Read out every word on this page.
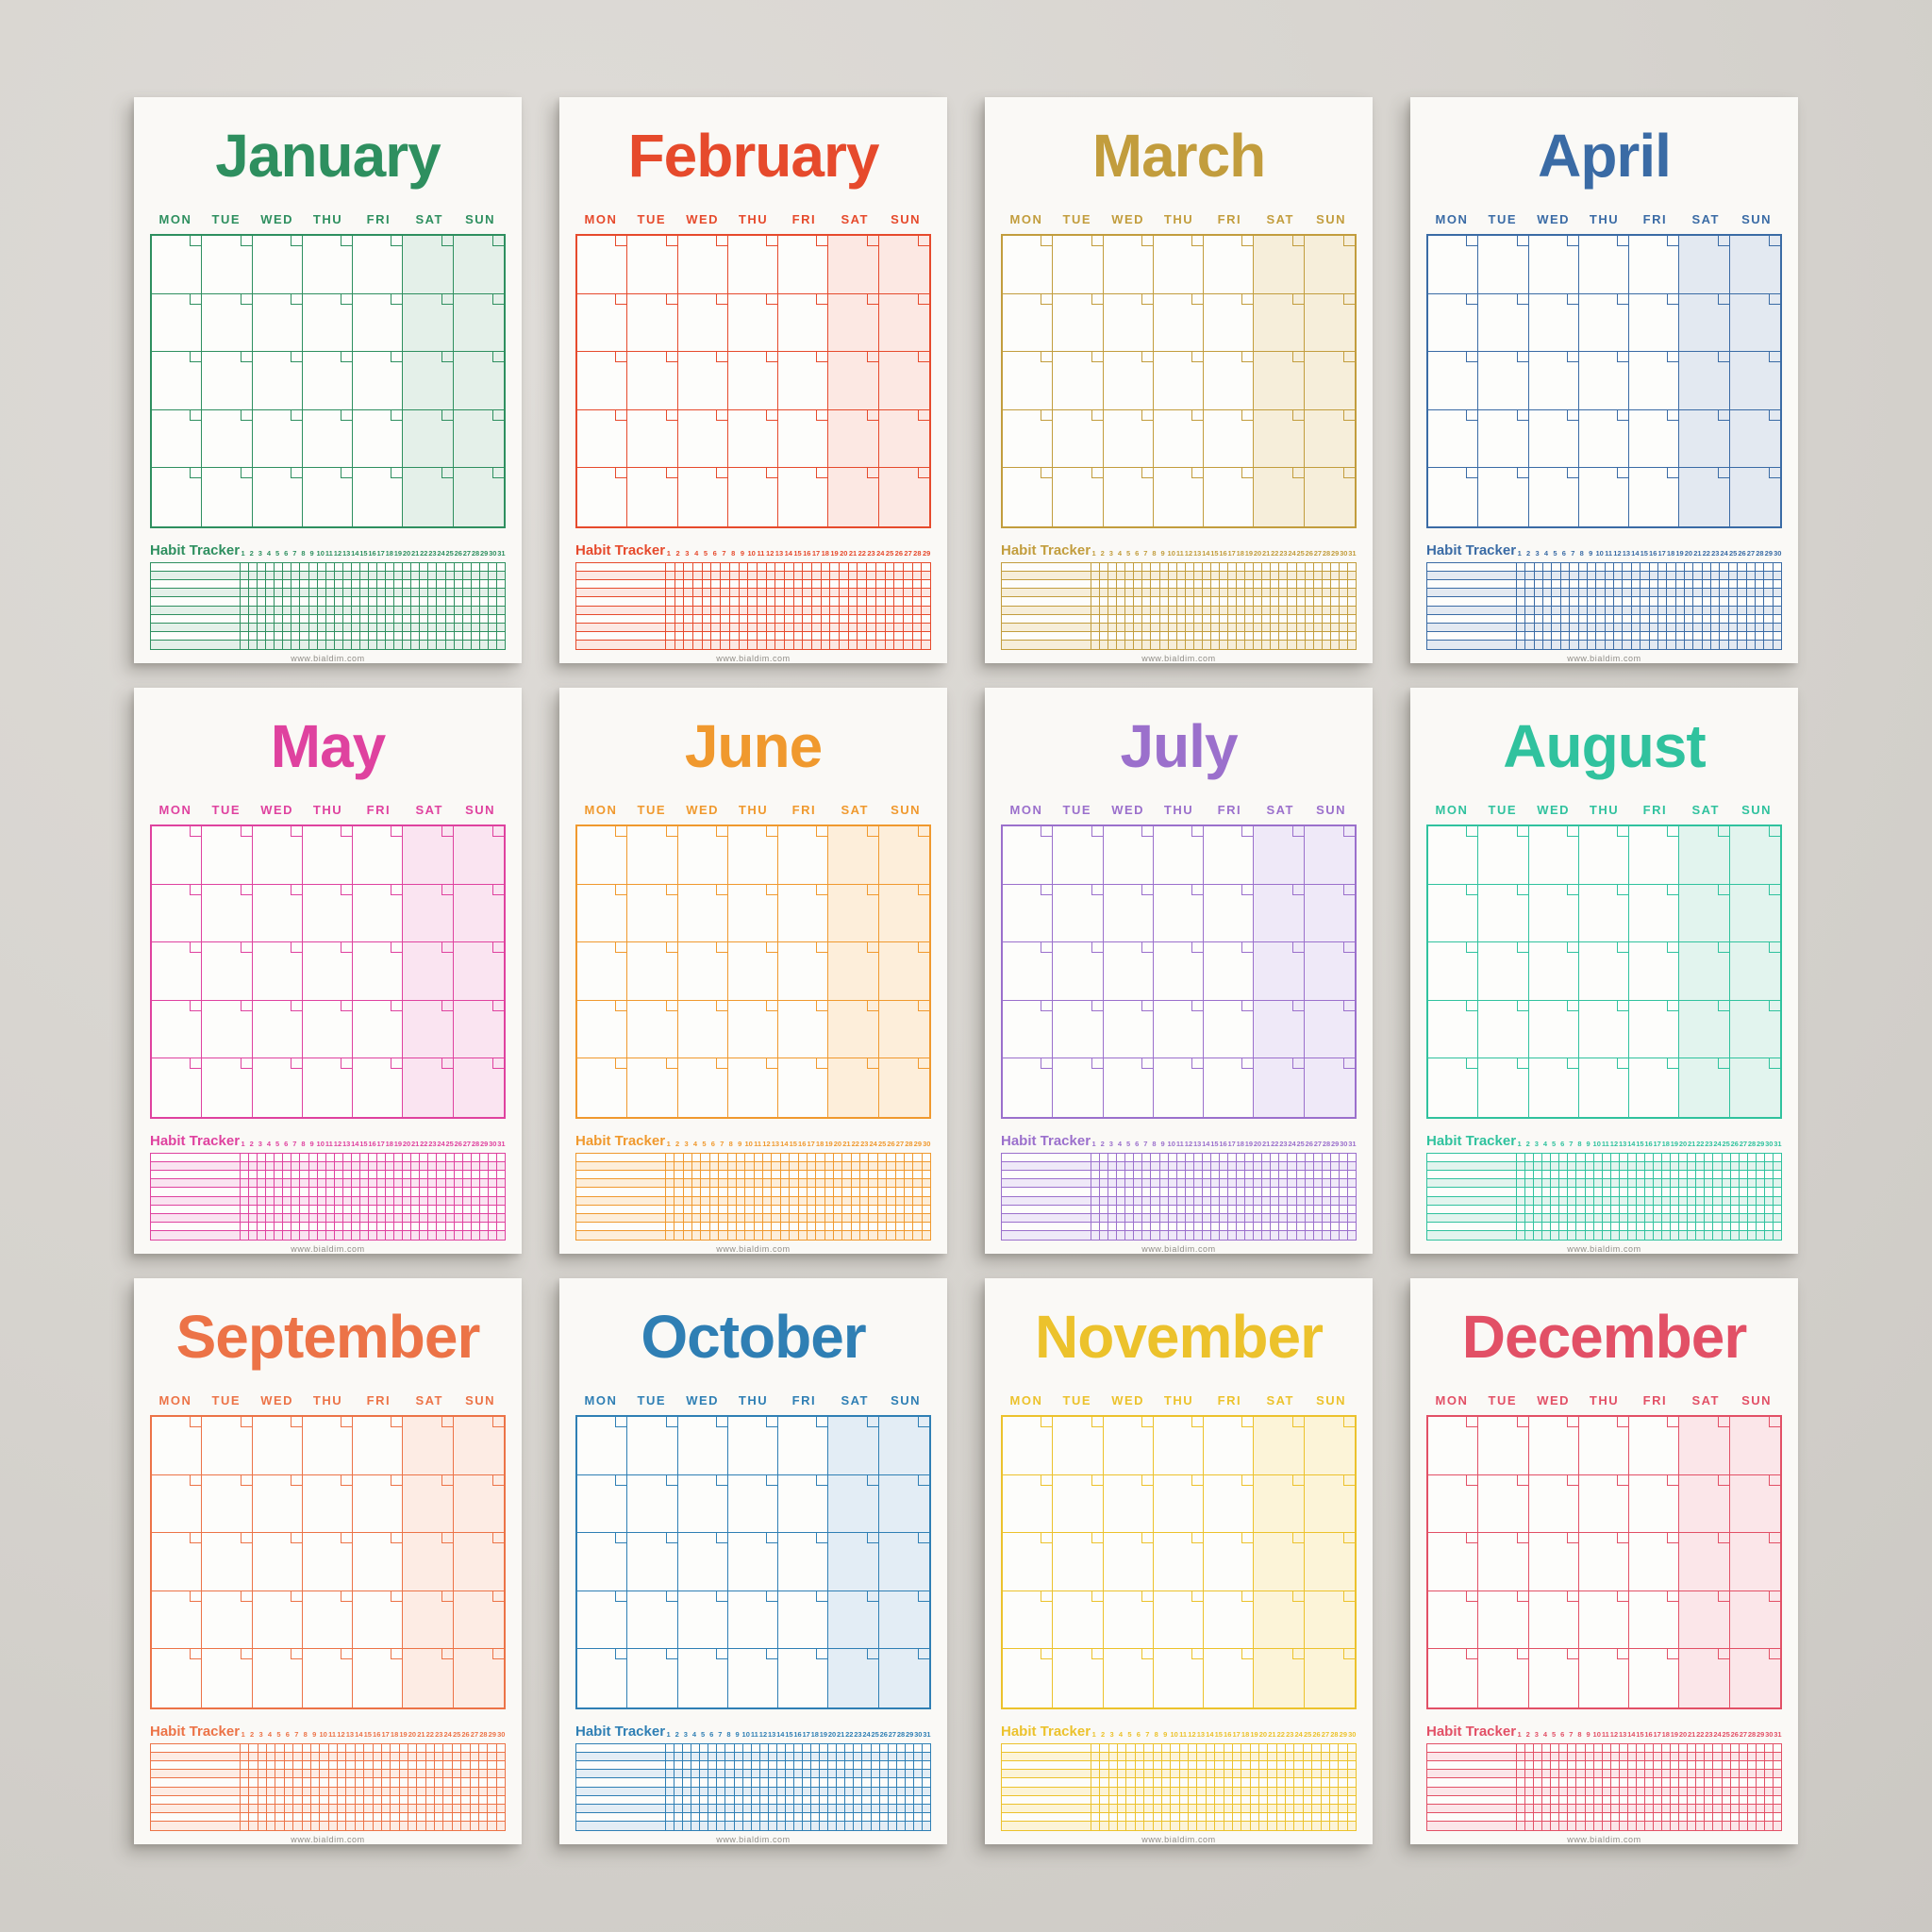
January
MON	TUE	WED	THU	FRI	SAT	SUN
Habit Tracker 1 2 3 4 5 6 7 8 9 10 11 12 13 14 15 16 17 18 19 20 21 22 23 24 25 26 27 28 29 30 31
www.bialdim.com
February
MON	TUE	WED	THU	FRI	SAT	SUN
Habit Tracker 1 2 3 4 5 6 7 8 9 10 11 12 13 14 15 16 17 18 19 20 21 22 23 24 25 26 27 28 29
www.bialdim.com
March
MON	TUE	WED	THU	FRI	SAT	SUN
Habit Tracker 1 2 3 4 5 6 7 8 9 10 11 12 13 14 15 16 17 18 19 20 21 22 23 24 25 26 27 28 29 30 31
www.bialdim.com
April
MON	TUE	WED	THU	FRI	SAT	SUN
Habit Tracker 1 2 3 4 5 6 7 8 9 10 11 12 13 14 15 16 17 18 19 20 21 22 23 24 25 26 27 28 29 30
www.bialdim.com
May
MON	TUE	WED	THU	FRI	SAT	SUN
Habit Tracker 1 2 3 4 5 6 7 8 9 10 11 12 13 14 15 16 17 18 19 20 21 22 23 24 25 26 27 28 29 30 31
www.bialdim.com
June
MON	TUE	WED	THU	FRI	SAT	SUN
Habit Tracker 1 2 3 4 5 6 7 8 9 10 11 12 13 14 15 16 17 18 19 20 21 22 23 24 25 26 27 28 29 30
www.bialdim.com
July
MON	TUE	WED	THU	FRI	SAT	SUN
Habit Tracker 1 2 3 4 5 6 7 8 9 10 11 12 13 14 15 16 17 18 19 20 21 22 23 24 25 26 27 28 29 30 31
www.bialdim.com
August
MON	TUE	WED	THU	FRI	SAT	SUN
Habit Tracker 1 2 3 4 5 6 7 8 9 10 11 12 13 14 15 16 17 18 19 20 21 22 23 24 25 26 27 28 29 30 31
www.bialdim.com
September
MON	TUE	WED	THU	FRI	SAT	SUN
Habit Tracker 1 2 3 4 5 6 7 8 9 10 11 12 13 14 15 16 17 18 19 20 21 22 23 24 25 26 27 28 29 30
www.bialdim.com
October
MON	TUE	WED	THU	FRI	SAT	SUN
Habit Tracker 1 2 3 4 5 6 7 8 9 10 11 12 13 14 15 16 17 18 19 20 21 22 23 24 25 26 27 28 29 30 31
www.bialdim.com
November
MON	TUE	WED	THU	FRI	SAT	SUN
Habit Tracker 1 2 3 4 5 6 7 8 9 10 11 12 13 14 15 16 17 18 19 20 21 22 23 24 25 26 27 28 29 30
www.bialdim.com
December
MON	TUE	WED	THU	FRI	SAT	SUN
Habit Tracker 1 2 3 4 5 6 7 8 9 10 11 12 13 14 15 16 17 18 19 20 21 22 23 24 25 26 27 28 29 30 31
www.bialdim.com
